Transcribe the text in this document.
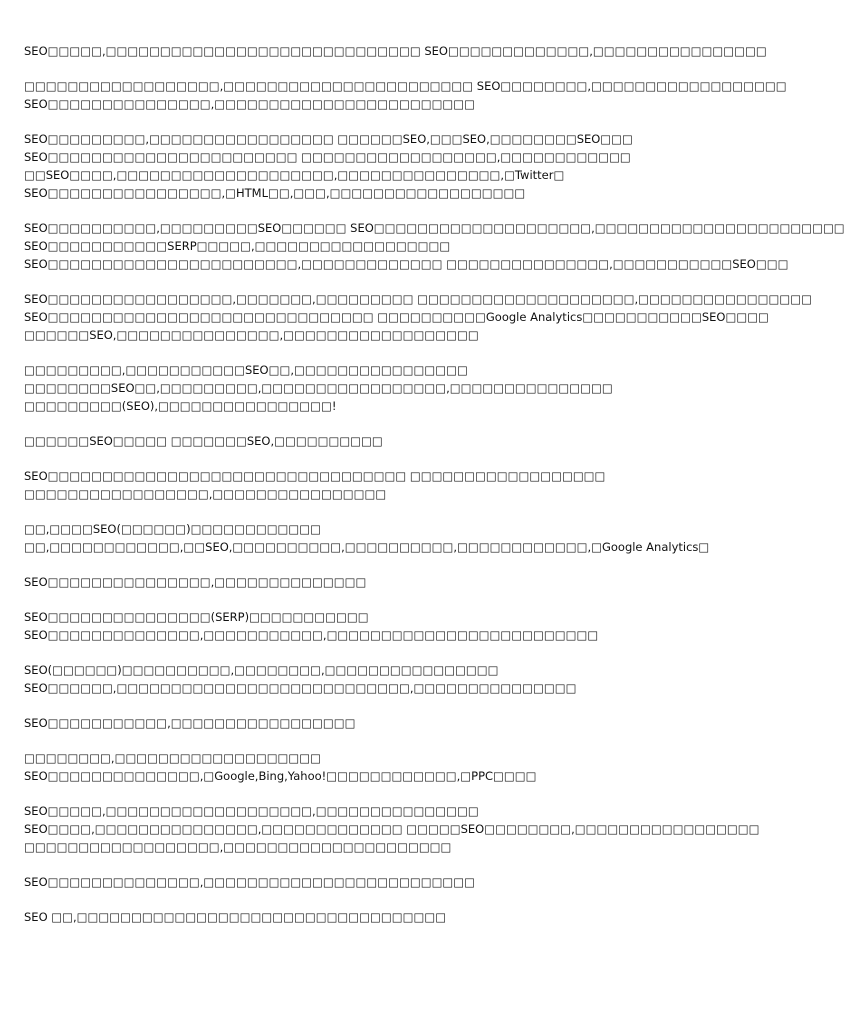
SEO□□□□□,□□□□□□□□□□□□□□□□□□□□□□□□□□□□□ SEO□□□□□□□□□□□□□,□□□□□□□□□□□□□□□□
□□□□□□□□□□□□□□□□□□,□□□□□□□□□□□□□□□□□□□□□□□ SEO□□□□□□□□,□□□□□□□□□□□□□□□□□□
SEO□□□□□□□□□□□□□□□,□□□□□□□□□□□□□□□□□□□□□□□□
SEO□□□□□□□□□,□□□□□□□□□□□□□□□□□ □□□□□□SEO,□□□SEO,□□□□□□□□SEO□□□
SEO□□□□□□□□□□□□□□□□□□□□□□□ □□□□□□□□□□□□□□□□□□,□□□□□□□□□□□□
□□SEO□□□□,□□□□□□□□□□□□□□□□□□□□,□□□□□□□□□□□□□□□,□Twitter□
SEO□□□□□□□□□□□□□□□□,□HTML□□,□□□,□□□□□□□□□□□□□□□□□□
SEO□□□□□□□□□□,□□□□□□□□□SEO□□□□□□ SEO□□□□□□□□□□□□□□□□□□□□,□□□□□□□□□□□□□□□□□□□□□□□
SEO□□□□□□□□□□□SERP□□□□□,□□□□□□□□□□□□□□□□□□
SEO□□□□□□□□□□□□□□□□□□□□□□□,□□□□□□□□□□□□□ □□□□□□□□□□□□□□□,□□□□□□□□□□□SEO□□□
SEO□□□□□□□□□□□□□□□□□,□□□□□□□,□□□□□□□□□ □□□□□□□□□□□□□□□□□□□□,□□□□□□□□□□□□□□□□
SEO□□□□□□□□□□□□□□□□□□□□□□□□□□□□□□ □□□□□□□□□□Google Analytics□□□□□□□□□□□SEO□□□□
□□□□□□SEO,□□□□□□□□□□□□□□□,□□□□□□□□□□□□□□□□□□
□□□□□□□□□,□□□□□□□□□□□SEO□□,□□□□□□□□□□□□□□□□
□□□□□□□□SEO□□,□□□□□□□□□,□□□□□□□□□□□□□□□□□,□□□□□□□□□□□□□□□
□□□□□□□□□(SEO),□□□□□□□□□□□□□□□□!
□□□□□□SEO□□□□□ □□□□□□□SEO,□□□□□□□□□□
SEO□□□□□□□□□□□□□□□□□□□□□□□□□□□□□□□□□ □□□□□□□□□□□□□□□□□□
□□□□□□□□□□□□□□□□□,□□□□□□□□□□□□□□□□
□□,□□□□SEO(□□□□□□)□□□□□□□□□□□□
□□,□□□□□□□□□□□□,□□SEO,□□□□□□□□□□,□□□□□□□□□□,□□□□□□□□□□□□,□Google Analytics□
SEO□□□□□□□□□□□□□□□,□□□□□□□□□□□□□□
SEO□□□□□□□□□□□□□□□(SERP)□□□□□□□□□□□
SEO□□□□□□□□□□□□□□,□□□□□□□□□□□,□□□□□□□□□□□□□□□□□□□□□□□□□
SEO(□□□□□□)□□□□□□□□□□,□□□□□□□□,□□□□□□□□□□□□□□□□
SEO□□□□□□,□□□□□□□□□□□□□□□□□□□□□□□□□□□,□□□□□□□□□□□□□□□
SEO□□□□□□□□□□□,□□□□□□□□□□□□□□□□□
□□□□□□□□,□□□□□□□□□□□□□□□□□□□
SEO□□□□□□□□□□□□□□,□Google,Bing,Yahoo!□□□□□□□□□□□□,□PPC□□□□
SEO□□□□□,□□□□□□□□□□□□□□□□□□□,□□□□□□□□□□□□□□□
SEO□□□□,□□□□□□□□□□□□□□□,□□□□□□□□□□□□□ □□□□□SEO□□□□□□□□,□□□□□□□□□□□□□□□□□
□□□□□□□□□□□□□□□□□□,□□□□□□□□□□□□□□□□□□□□□
SEO□□□□□□□□□□□□□□,□□□□□□□□□□□□□□□□□□□□□□□□□
SEO □□,□□□□□□□□□□□□□□□□□□□□□□□□□□□□□□□□□□
